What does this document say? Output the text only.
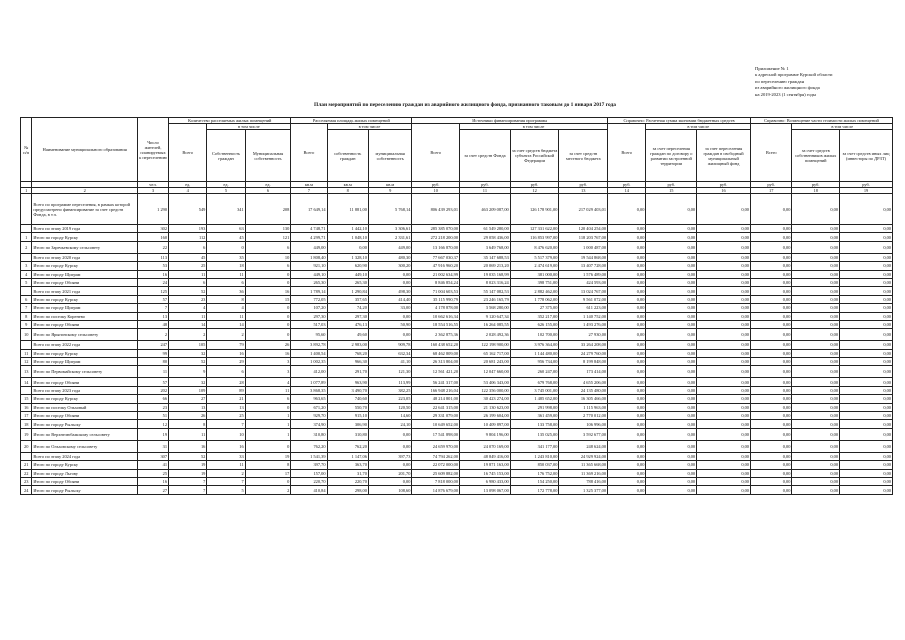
Приложение № 1
к адресной программе Курской области
по переселению граждан
из аварийного жилищного фонда
на 2019-2023 (1 сентября) годы
План мероприятий по переселению граждан из аварийного жилищного фонда, признанного таковым до 1 января 2017 года
№ п/п	Наименование муниципального образования	Число жителей, планируемых к переселению	Количество расселяемых жилых помещений			Расселяемая площадь жилых помещений			Источники финансирования программы				Справочно: Расчетная сумма экономии бюджетных средств			Справочно: Возмещение части стоимости жилых помещений		
			Всего	в том числе		Всего	в том числе		Всего	в том числе			Всего	в том числе		Всего	в том числе	
				Собственность граждан	Муниципальная собственность		собственность граждан	муниципальная собственность		за счет средств Фонда	за счет средств бюджета субъекта Российской Федерации	за счет средств местного бюджета		за счет переселения граждан по договору о развитии застроенной территории	за счет переселения граждан в свободный муниципальный жилищный фонд		за счет средств собственников жилых помещений	за счет средств иных лиц (инвесторы по ДРЗТ)
		чел.	ед.	ед.	ед.	кв.м	кв.м	кв.м	руб.	руб.	руб.	руб.	руб.	руб.	руб.	руб.	руб.	руб.
1	2	3	4	5	6	7	8	9	10	11	12	13	14	15	16	17	18	19
	Всего по программе переселения, в рамках которой предусмотрено финансирование за счет средств Фонда, в т.ч.	1 290	549	341	208	17 649,14	11 881,00	5 768,14	806 439 293,01	463 209 087,00	126 178 901,00	217 029 403,01	0,00	0,00	0,00	0,00	0,00	0,00
	Всего по этапу 2019 года	302	193	63	130	4 748,71	1 442,10	3 306,61	285 385 070,00	61 549 280,00	127 331 622,00	120 404 254,00	0,00	0,00	0,00	0,00	0,00	0,00
1	Итого по городу Курску	160	112	45	121	4 299,71	1 048,10	2 331,61	272 218 200,00	29 058 436,00	116 853 997,00	118 203 767,00	0,00	0,00	0,00	0,00	0,00	0,00
2	Итого по Заречьевскому сельсовету	22	6	0	6	449,00	0,00	449,00	13 166 870,00	3 649 768,00	8 476 620,00	1 000 487,00	0,00	0,00	0,00	0,00	0,00	0,00
	Всего по этапу 2020 года	113	45	35	10	1 808,40	1 328,10	480,30	77 667 030,37	35 147 688,53	5 517 379,00	19 544 868,00	0,00	0,00	0,00	0,00	0,00	0,00
3	Итого по городу Курску	53	25	18	6	921,10	620,90	300,20	47 916 960,20	20 069 213,20	2 474 619,00	13 407 728,00	0,00	0,00	0,00	0,00	0,00	0,00
4	Итого по городу Щиграм	16	11	11	0	449,10	449,10	0,00	21 002 634,99	19 035 168,99	381 000,00	1 576 489,00	0,00	0,00	0,00	0,00	0,00	0,00
5	Итого по городу Обояни	24	6	6	0	265,30	265,30	0,00	8 846 854,24	8 023 316,24	398 751,00	424 593,00	0,00	0,00	0,00	0,00	0,00	0,00
	Всего по этапу 2021 года	125	52	36	16	1 789,14	1 290,84	498,30	71 004 603,53	55 147 082,53	2 882 462,00	13 024 767,00	0,00	0,00	0,00	0,00	0,00	0,00
6	Итого по городу Курску	57	23	8	15	772,05	357,65	414,40	35 115 990,79	23 246 165,79	1 778 062,00	9 561 072,00	0,00	0,00	0,00	0,00	0,00	0,00
7	Итого по городу Щиграм	7	4	4	0	107,20	74,20	33,00	4 178 878,00	3 568 280,00	27 375,00	611 223,00	0,00	0,00	0,00	0,00	0,00	0,00
8	Итого по поселку Коренево	13	11	11	0	297,30	297,30	0,00	10 662 616,34	9 120 647,34	352 217,00	1 140 752,00	0,00	0,00	0,00	0,00	0,00	0,00
9	Итого по городу Обояни	48	14	14	0	517,03	476,13	50,90	18 554 516,55	16 264 085,55	626 155,00	1 493 276,00	0,00	0,00	0,00	0,00	0,00	0,00
10	Итого по Ярыгинскому сельсовету	2	2	2	0	95,60	49,60	0,00	2 362 875,36	2 028 492,36	102 700,00	27 930,00	0,00	0,00	0,00	0,00	0,00	0,00
	Всего по этапу 2022 года	247	105	79	26	3 892,78	2 983,00	909,78	160 438 652,20	122 198 900,00	3 976 364,00	33 264 208,00	0,00	0,00	0,00	0,00	0,00	0,00
11	Итого по городу Курску	99	32	16	16	1 400,54	768,20	632,34	68 462 809,00	65 162 717,00	1 144 480,00	24 279 760,00	0,00	0,00	0,00	0,00	0,00	0,00
12	Итого по городу Щиграм	80	52	29	3	1 002,35	966,30	41,10	26 313 804,00	20 681 243,00	956 734,00	8 199 848,00	0,00	0,00	0,00	0,00	0,00	0,00
13	Итого по Первомайскому сельсовету	11	9	6	3	412,00	291,70	121,30	12 561 421,20	12 047 660,00	260 247,00	173 414,00	0,00	0,00	0,00	0,00	0,00	0,00
14	Итого по городу Обояни	57	32	28	4	1 077,89	963,90	113,99	56 241 317,00	53 406 343,00	679 768,00	4 655 206,00	0,00	0,00	0,00	0,00	0,00	0,00
	Всего по этапу 2023 года	202	109	89	11	3 868,35	3 490,70	382,25	166 948 216,04	122 356 000,00	3 745 001,00	24 135 480,00	0,00	0,00	0,00	0,00	0,00	0,00
15	Итого по городу Курску	66	27	21	6	963,65	740,60	223,05	48 214 801,00	30 423 274,00	1 485 652,00	16 305 466,00	0,00	0,00	0,00	0,00	0,00	0,00
16	Итого по поселку Ольховый	23	13	13	0	671,20	550,70	120,50	22 641 315,00	21 130 623,00	291 998,00	1 115 963,00	0,00	0,00	0,00	0,00	0,00	0,00
17	Итого по городу Обояни	51	26	25	1	929,70	915,10	14,60	29 331 079,00	26 199 604,00	361 459,00	2 770 012,00	0,00	0,00	0,00	0,00	0,00	0,00
18	Итого по городу Рыльску	12	8	7	1	374,90	306,90	24,10	10 649 652,00	10 409 897,00	133 758,00	106 996,00	0,00	0,00	0,00	0,00	0,00	0,00
19	Итого по Верхнелюбажскому сельсовету	19	11	10	1	310,80	310,80	0,00	17 541 898,00	9 804 196,00	135 025,00	3 592 677,00	0,00	0,00	0,00	0,00	0,00	0,00
20	Итого по Ольховскому сельсовету	31	16	16	0	762,20	762,20	0,00	24 659 970,00	24 070 169,00	341 177,00	248 624,00	0,00	0,00	0,00	0,00	0,00	0,00
	Всего по этапу 2024 года	307	52	33	19	1 541,39	1 147,06	397,73	74 794 262,00	48 849 416,00	1 243 810,00	24 929 924,00	0,00	0,00	0,00	0,00	0,00	0,00
21	Итого по городу Курску	41	19	11	8	397,70	363,70	0,00	22 072 000,00	19 871 163,00	850 037,00	11 365 668,00	0,00	0,00	0,00	0,00	0,00	0,00
22	Итого по городу Льгову	25	19	2	17	157,00	31,70	201,70	25 609 882,00	16 745 153,00	176 752,00	11 369 216,00	0,00	0,00	0,00	0,00	0,00	0,00
23	Итого по городу Обояни	16	7	7	0	220,70	220,70	0,00	7 818 000,00	6 980 433,00	154 250,00	788 416,00	0,00	0,00	0,00	0,00	0,00	0,00
24	Итого по городу Рыльску	27	7	5	2	410,84	298,00	108,60	14 876 679,00	13 098 067,00	172 778,00	1 325 377,00	0,00	0,00	0,00	0,00	0,00	0,00
